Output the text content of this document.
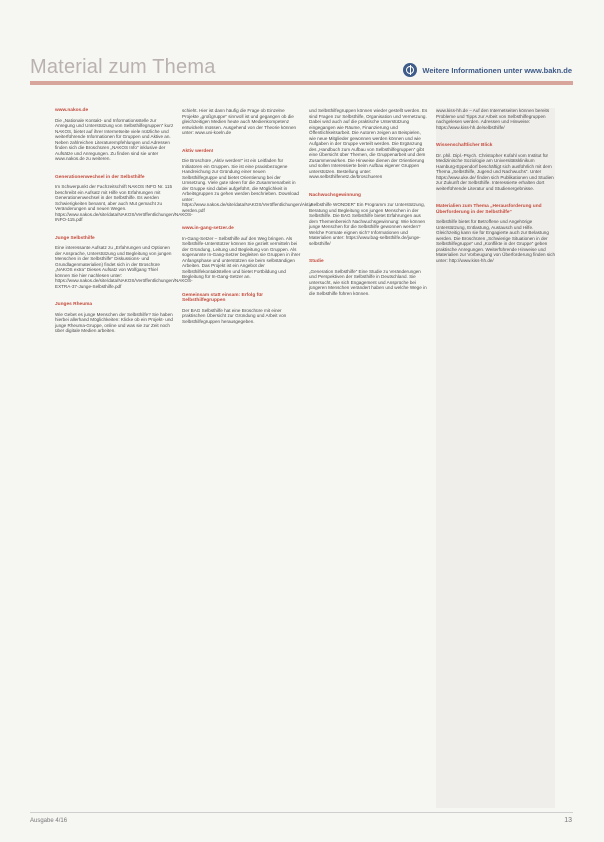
Material zum Thema	Weitere Informationen unter www.bakn.de
www.nakos.de
Die „Nationale Kontakt- und Informationsstelle zur Anregung und Unterstützung von Selbsthilfegruppen“ kurz NAKOS, bietet auf ihrer Internetseite viele nützliche und weiterführende Informationen für Gruppen und Aktive an. Neben zahlreichen Literaturempfehlungen und Adressen finden sich die Broschüren „NAKOS Info“ inklusive der Aufsätze und Anregungen. Zu finden sind sie unter www.nakos.de zu weiteren.
Generationenwechsel in der Selbsthilfe
Im Schwerpunkt der Fachzeitschrift NAKOS INFO Nr. 115 beschreibt ein Aufsatz mit Hilfe von Erfahrungen mit Generationenwechsel in der Selbsthilfe. Es werden Schwierigkeiten benannt, aber auch Mut gemacht zu Veränderungen und neuen Wegen. https://www.nakos.de/site/data/NAKOS/Veröffentlichungen/NAKOS-INFO-115.pdf
Junge Selbsthilfe
Eine interessante Aufsatz zu „Erfahrungen und Optionen der Ansprache, Unterstützung und Begleitung von jungen Menschen in der Selbsthilfe“ Diskussions- und Grundlagenmaterialien) findet sich in der Broschüre „NAKOS extra“ Dieses Aufsatz von Wolfgang Thiel können Sie hier nachlesen unter: https://www.nakos.de/site/data/NAKOS/Veröffentlichungen/NAKOS-EXTRA-37-Junge-Selbsthilfe.pdf
Junges Rheuma
Wie Gebet es junge Menschen der Selbsthilfe? Sie haben hierbei allerhand Möglichkeiten: Klicke ob ein Projekt- und junge Rheuma-Gruppe, online und was sie zur Zeit noch über digitale Medien arbeiten.
schieht. Hier ist dann häufig die Frage ob Einzelne Projekte „großgruppe“ sinnvoll ist und gegangen ob die gleichzeitigen Medien heute auch Medienkompetenz entwickeln müssen. Ausgehend von der Theorie können unter: www.uni-koeln.de
Aktiv werden!
Die Broschüre „Aktiv werden!“ ist ein Leitfaden für Initiatoren ein Gruppen. Sie ist eine praxisbezogene Handreichung zur Gründung einer neuen Selbsthilfegruppe und bietet Orientierung bei der Umsetzung. Viele gute Ideen für die Zusammenarbeit in der Gruppe sind dabei aufgeführt, die Möglichkeit in Arbeitsgruppen zu gehen werden beschrieben. Download unter: https://www.nakos.de/site/data/NAKOS/Veröffentlichungen/Aktiv-werden.pdf
www.in-gang-setzer.de
In-Gang-Setzer – Selbsthilfe auf den Weg bringen. Als Selbsthilfe-Unterstützer können Sie gezielt vermitteln bei der Gründung, Leitung und Begleitung von Gruppen. Als sogenannte In-Gang-Setzer begleiten sie Gruppen in ihrer Anfangsphase und unterstützen sie beim selbständigen Arbeiten. Das Projekt ist ein Angebot der Selbsthilfekontaktstellen und bietet Fortbildung und Begleitung für In-Gang-Setzer an.
Gemeinsam statt einsam: Erfolg für Selbsthilfegruppen
Der BAG Selbsthilfe hat eine Broschüre mit einer praktischen Übersicht zur Gründung und Arbeit von Selbsthilfegruppen herausgegeben.
und Selbsthilfegruppen können wieder gestellt werden. Es sind Fragen zur Selbsthilfe, Organisation und Vernetzung. Dabei wird auch auf die praktische Unterstützung eingegangen wie Räume, Finanzierung und Öffentlichkeitsarbeit. Die Autoren zeigen an Beispielen, wie neue Mitglieder gewonnen werden können und wie Aufgaben in der Gruppe verteilt werden. Die Ergänzung des „Handbuch zum Aufbau von Selbsthilfegruppen“ gibt eine Übersicht über Themen, die Gruppenarbeit und dem Zusammenwirken. Die Hinweise dienen der Orientierung und sollen Interessierte beim Aufbau eigener Gruppen unterstützen. Bestellung unter: www.selbsthilfenetz.de/broschueren
Nachwuchsgewinnung
„Selbsthilfe WONDER“ Ein Programm zur Unterstützung, Beratung und Begleitung von jungen Menschen in der Selbsthilfe. Die BAG Selbsthilfe bietet Erfahrungen aus dem Themenbereich Nachwuchsgewinnung: Wie können junge Menschen für die Selbsthilfe gewonnen werden? Welche Formate eignen sich? Informationen und Materialien unter: https://www.bag-selbsthilfe.de/junge-selbsthilfe/
Studie
„Generation Selbsthilfe“ Eine Studie zu Veränderungen und Perspektiven der Selbsthilfe in Deutschland. Sie untersucht, wie sich Engagement und Ansprüche bei jüngeren Menschen verändert haben und welche Wege in die Selbsthilfe führen können.
www.kiss-hh.de – Auf den Internetseiten können bereits Probleme und Tipps zur Arbeit von Selbsthilfegruppen nachgelesen werden. Adressen und Hinweise: https://www.kiss-hh.de/selbsthilfe/
Wissenschaftlicher Blick
Dr. phil. Dipl.-Psych. Christopher Kofahl vom Institut für Medizinische Soziologie am Universitätsklinikum Hamburg-Eppendorf beschäftigt sich ausführlich mit dem Thema „Selbsthilfe, Jugend und Nachwuchs“. Unter https://www.uke.de/ finden sich Publikationen und Studien zur Zukunft der Selbsthilfe. Interessierte erhalten dort weiterführende Literatur und Studienergebnisse.
Materialien zum Thema „Herausforderung und Überforderung in der Selbsthilfe“
Selbsthilfe bietet für Betroffene und Angehörige Unterstützung, Entlastung, Austausch und Hilfe. Gleichzeitig kann sie für Engagierte auch zur Belastung werden. Die Broschüren „Schwierige Situationen in der Selbsthilfegruppe“ und „Konflikte in der Gruppe“ geben praktische Anregungen. Weiterführende Hinweise und Materialien zur Vorbeugung von Überforderung finden sich unter: http://www.kiss-hh.de/
Ausgabe 4/16	13
